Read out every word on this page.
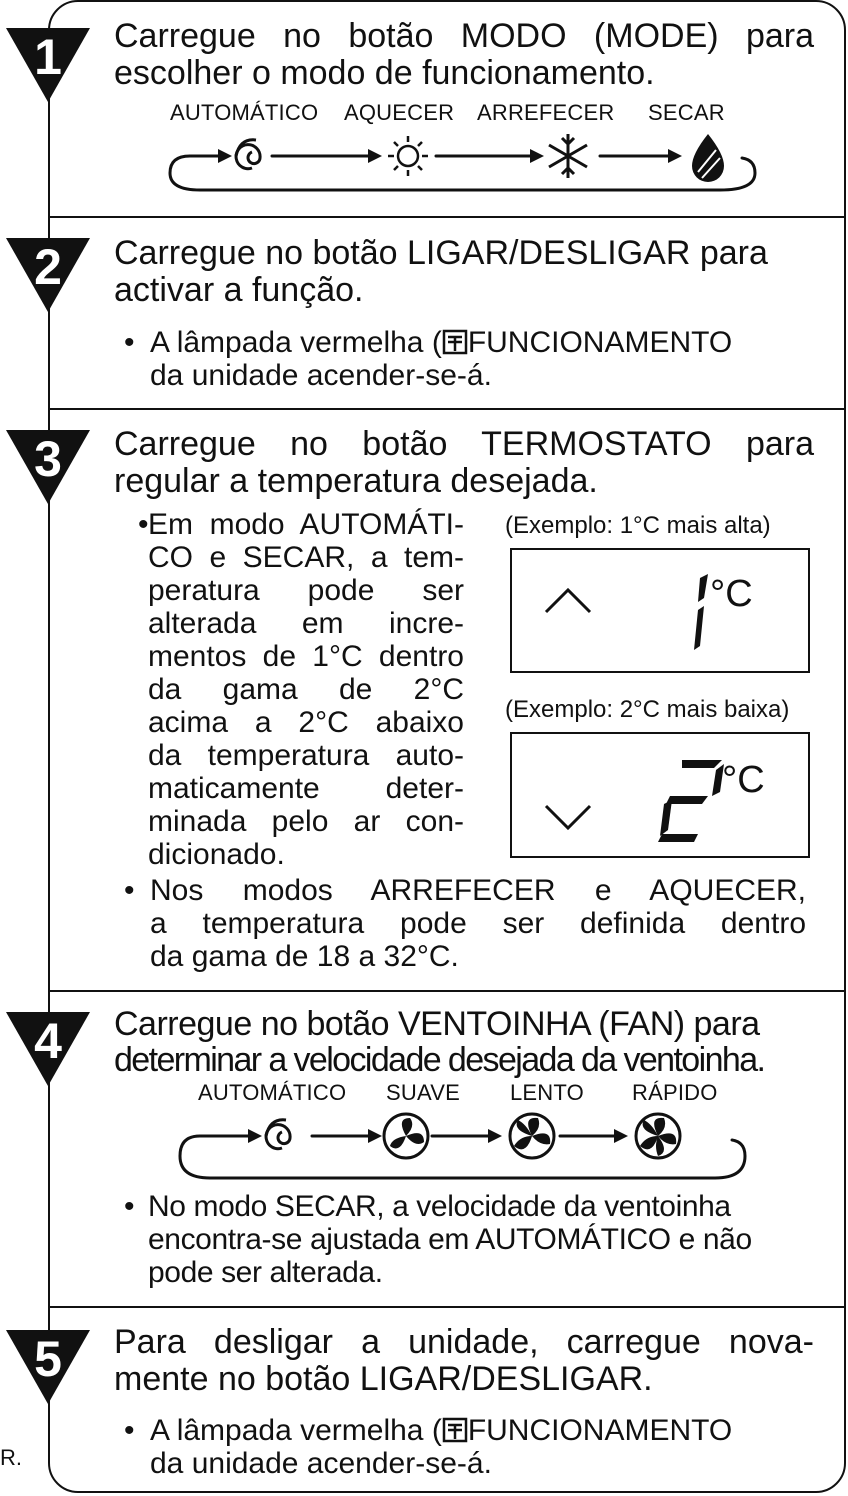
R.
1 Carregue no botão MODO (MODE) para
escolher o modo de funcionamento.
AUTOMÁTICO AQUECER ARREFECER SECAR
2 Carregue no botão LIGAR/DESLIGAR para
activar a função.
• A lâmpada vermelha ( FUNCIONAMENTO
da unidade acender-se-á.
3 Carregue no botão TERMOSTATO para
regular a temperatura desejada.
• Em modo AUTOMÁTI-
CO e SECAR, a tem-
peratura pode ser
alterada em incre-
mentos de 1°C dentro
da gama de 2°C
acima a 2°C abaixo
da temperatura auto-
maticamente deter-
minada pelo ar con-
dicionado.
(Exemplo: 1°C mais alta)
°C
(Exemplo: 2°C mais baixa)
°C
• Nos modos ARREFECER e AQUECER,
a temperatura pode ser definida dentro
da gama de 18 a 32°C.
4 Carregue no botão VENTOINHA (FAN) para
determinar a velocidade desejada da ventoinha.
AUTOMÁTICO SUAVE LENTO RÁPIDO
• No modo SECAR, a velocidade da ventoinha
encontra-se ajustada em AUTOMÁTICO e não
pode ser alterada.
5 Para desligar a unidade, carregue nova-
mente no botão LIGAR/DESLIGAR.
• A lâmpada vermelha ( FUNCIONAMENTO
da unidade acender-se-á.
